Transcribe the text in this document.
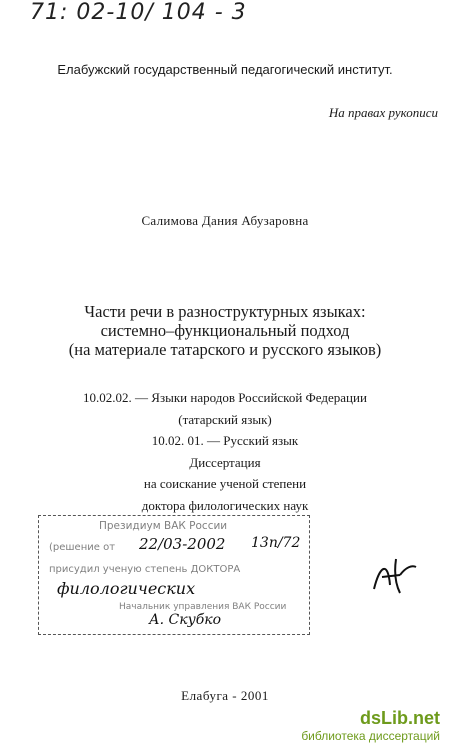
71: 02-10/ 104 - 3
Елабужский государственный педагогический институт.
На правах рукописи
Салимова Дания Абузаровна
Части речи в разноструктурных языках:
системно–функциональный подход
(на материале татарского и русского языков)
10.02.02. — Языки народов Российской Федерации
(татарский язык)
10.02. 01. — Русский язык
Диссертация
на соискание ученой степени
доктора филологических наук
Президиум ВАК России
(решение от 22/03-2002 13п/72
присудил ученую степень ДОКТОРА
филологических
Начальник управления ВАК России
А. Скубко
Елабуга - 2001
dsLib.net
библиотека диссертаций
